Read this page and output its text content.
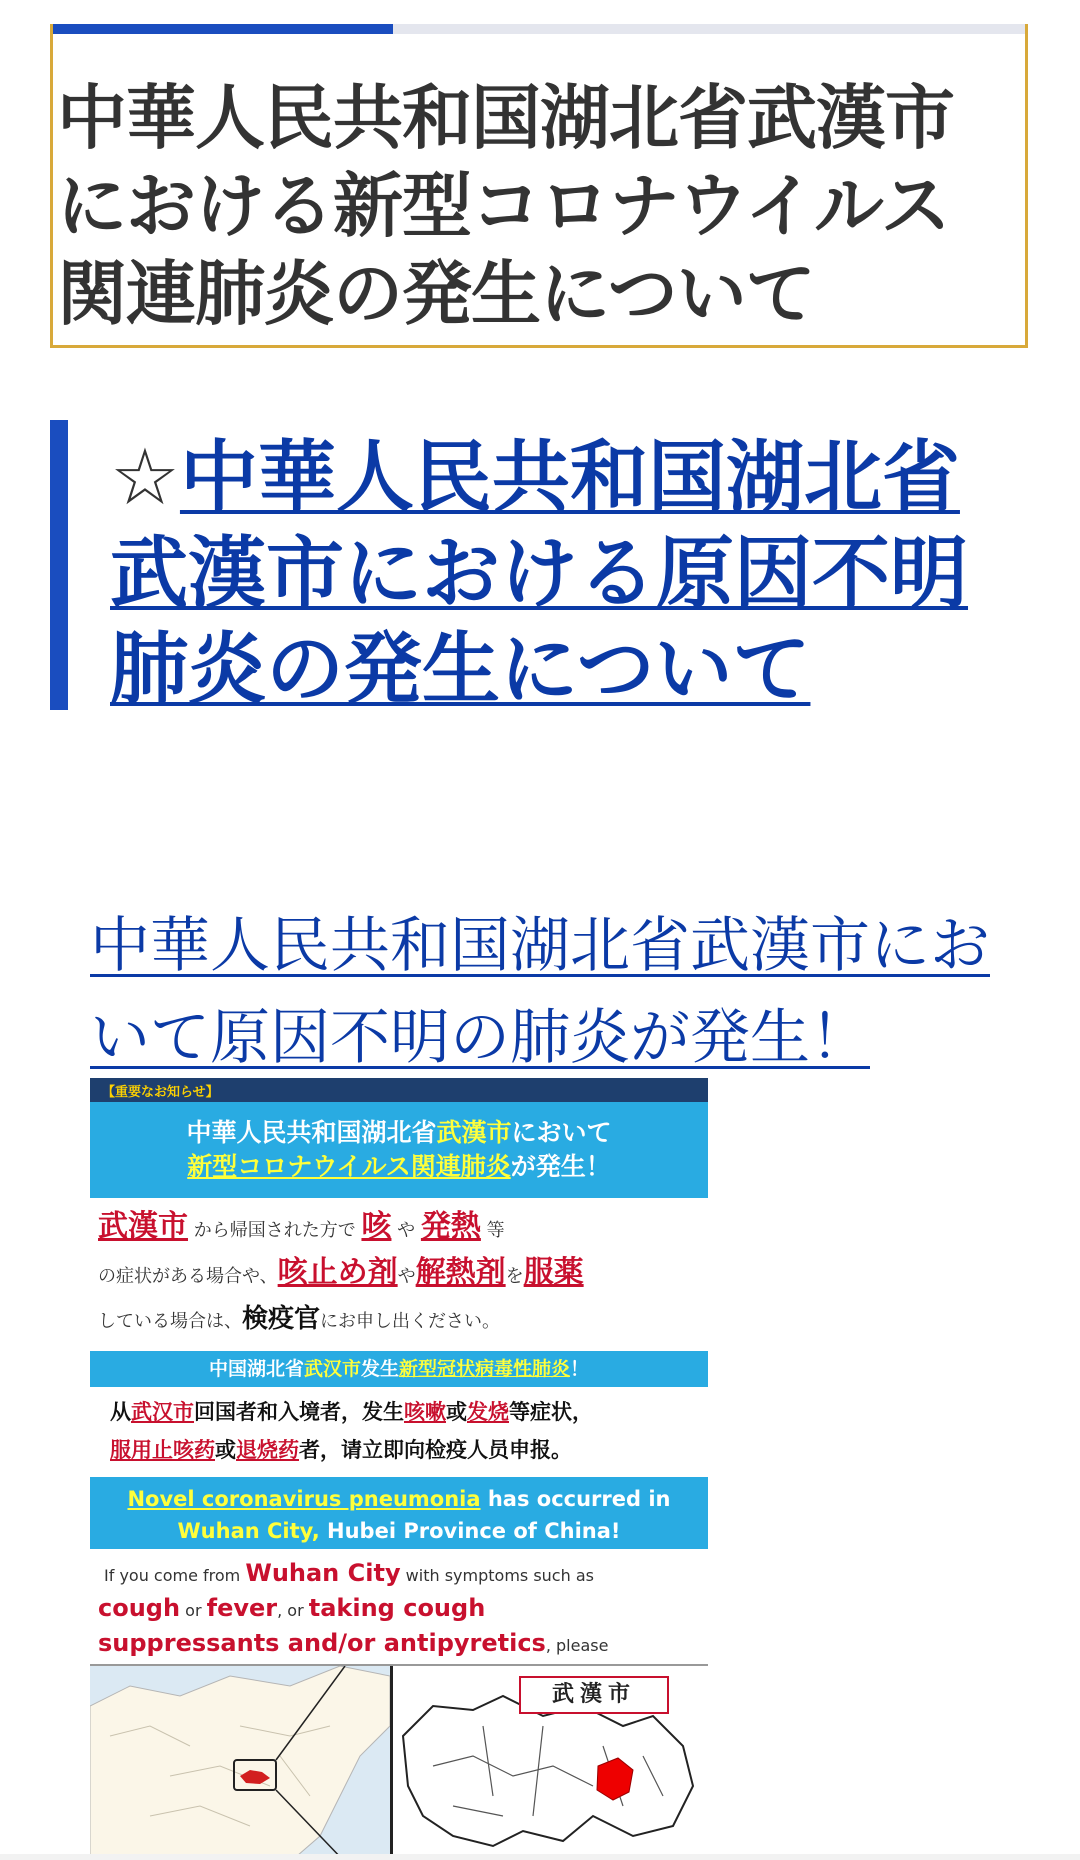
中華人民共和国湖北省武漢市
における新型コロナウイルス
関連肺炎の発生について
☆中華人民共和国湖北省
武漢市における原因不明
肺炎の発生について
中華人民共和国湖北省武漢市にお
いて原因不明の肺炎が発生！
【重要なお知らせ】
中華人民共和国湖北省武漢市において
新型コロナウイルス関連肺炎が発生！
武漢市 から帰国された方で 咳 や 発熱 等
の症状がある場合や、咳止め剤や解熱剤を服薬
している場合は、検疫官にお申し出ください。
中国湖北省武汉市发生新型冠状病毒性肺炎！
从武汉市回国者和入境者，发生咳嗽或发烧等症状，
服用止咳药或退烧药者，请立即向检疫人员申报。
Novel coronavirus pneumonia has occurred in
Wuhan City, Hubei Province of China!
If you come from Wuhan City with symptoms such as
cough or fever, or taking cough
suppressants and/or antipyretics, please
武漢市
